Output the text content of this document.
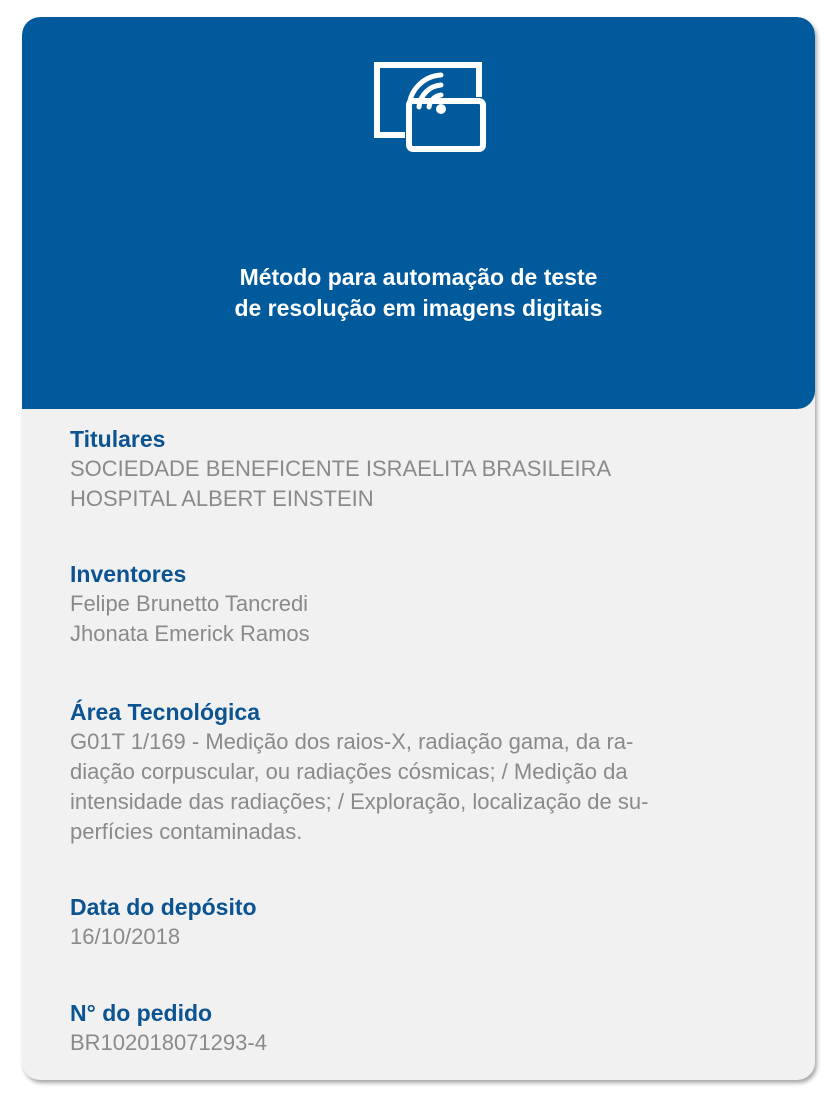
Método para automação de teste
de resolução em imagens digitais
Titulares
SOCIEDADE BENEFICENTE ISRAELITA BRASILEIRA
HOSPITAL ALBERT EINSTEIN
Inventores
Felipe Brunetto Tancredi
Jhonata Emerick Ramos
Área Tecnológica
G01T 1/169 - Medição dos raios-X, radiação gama, da ra-
diação corpuscular, ou radiações cósmicas; / Medição da
intensidade das radiações; / Exploração, localização de su-
perfícies contaminadas.
Data do depósito
16/10/2018
N° do pedido
BR102018071293-4
